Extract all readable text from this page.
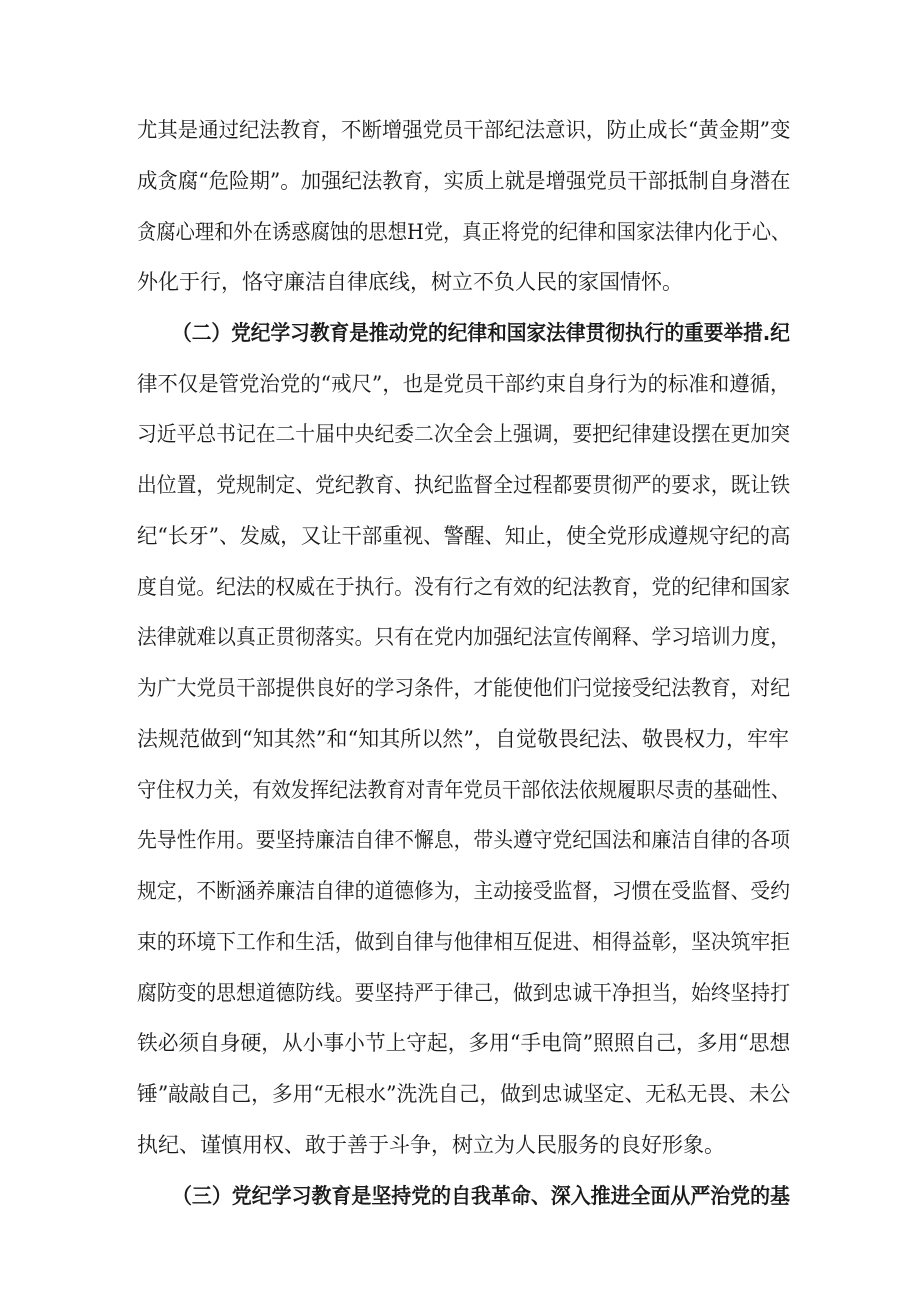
尤其是通过纪法教育，不断增强党员干部纪法意识，防止成长“黄金期”变
成贪腐“危险期”。加强纪法教育，实质上就是增强党员干部抵制自身潜在
贪腐心理和外在诱惑腐蚀的思想H党，真正将党的纪律和国家法律内化于心、
外化于行，恪守廉洁自律底线，树立不负人民的家国情怀。
（二）党纪学习教育是推动党的纪律和国家法律贯彻执行的重要举措.纪
律不仅是管党治党的“戒尺”，也是党员干部约束自身行为的标准和遵循，
习近平总书记在二十届中央纪委二次全会上强调，要把纪律建设摆在更加突
出位置，党规制定、党纪教育、执纪监督全过程都要贯彻严的要求，既让铁
纪“长牙”、发威，又让干部重视、警醒、知止，使全党形成遵规守纪的高
度自觉。纪法的权威在于执行。没有行之有效的纪法教育，党的纪律和国家
法律就难以真正贯彻落实。只有在党内加强纪法宣传阐释、学习培训力度，
为广大党员干部提供良好的学习条件，才能使他们闩觉接受纪法教育，对纪
法规范做到“知其然”和“知其所以然”，自觉敬畏纪法、敬畏权力，牢牢
守住权力关，有效发挥纪法教育对青年党员干部依法依规履职尽责的基础性、
先导性作用。要坚持廉洁自律不懈息，带头遵守党纪国法和廉洁自律的各项
规定，不断涵养廉洁自律的道德修为，主动接受监督，习惯在受监督、受约
束的环境下工作和生活，做到自律与他律相互促进、相得益彰，坚决筑牢拒
腐防变的思想道德防线。要坚持严于律己，做到忠诚干净担当，始终坚持打
铁必须自身硬，从小事小节上守起，多用“手电筒”照照自己，多用“思想
锤”敲敲自己，多用“无根水”洗洗自己，做到忠诚坚定、无私无畏、未公
执纪、谨慎用权、敢于善于斗争，树立为人民服务的良好形象。
（三）党纪学习教育是坚持党的自我革命、深入推进全面从严治党的基
